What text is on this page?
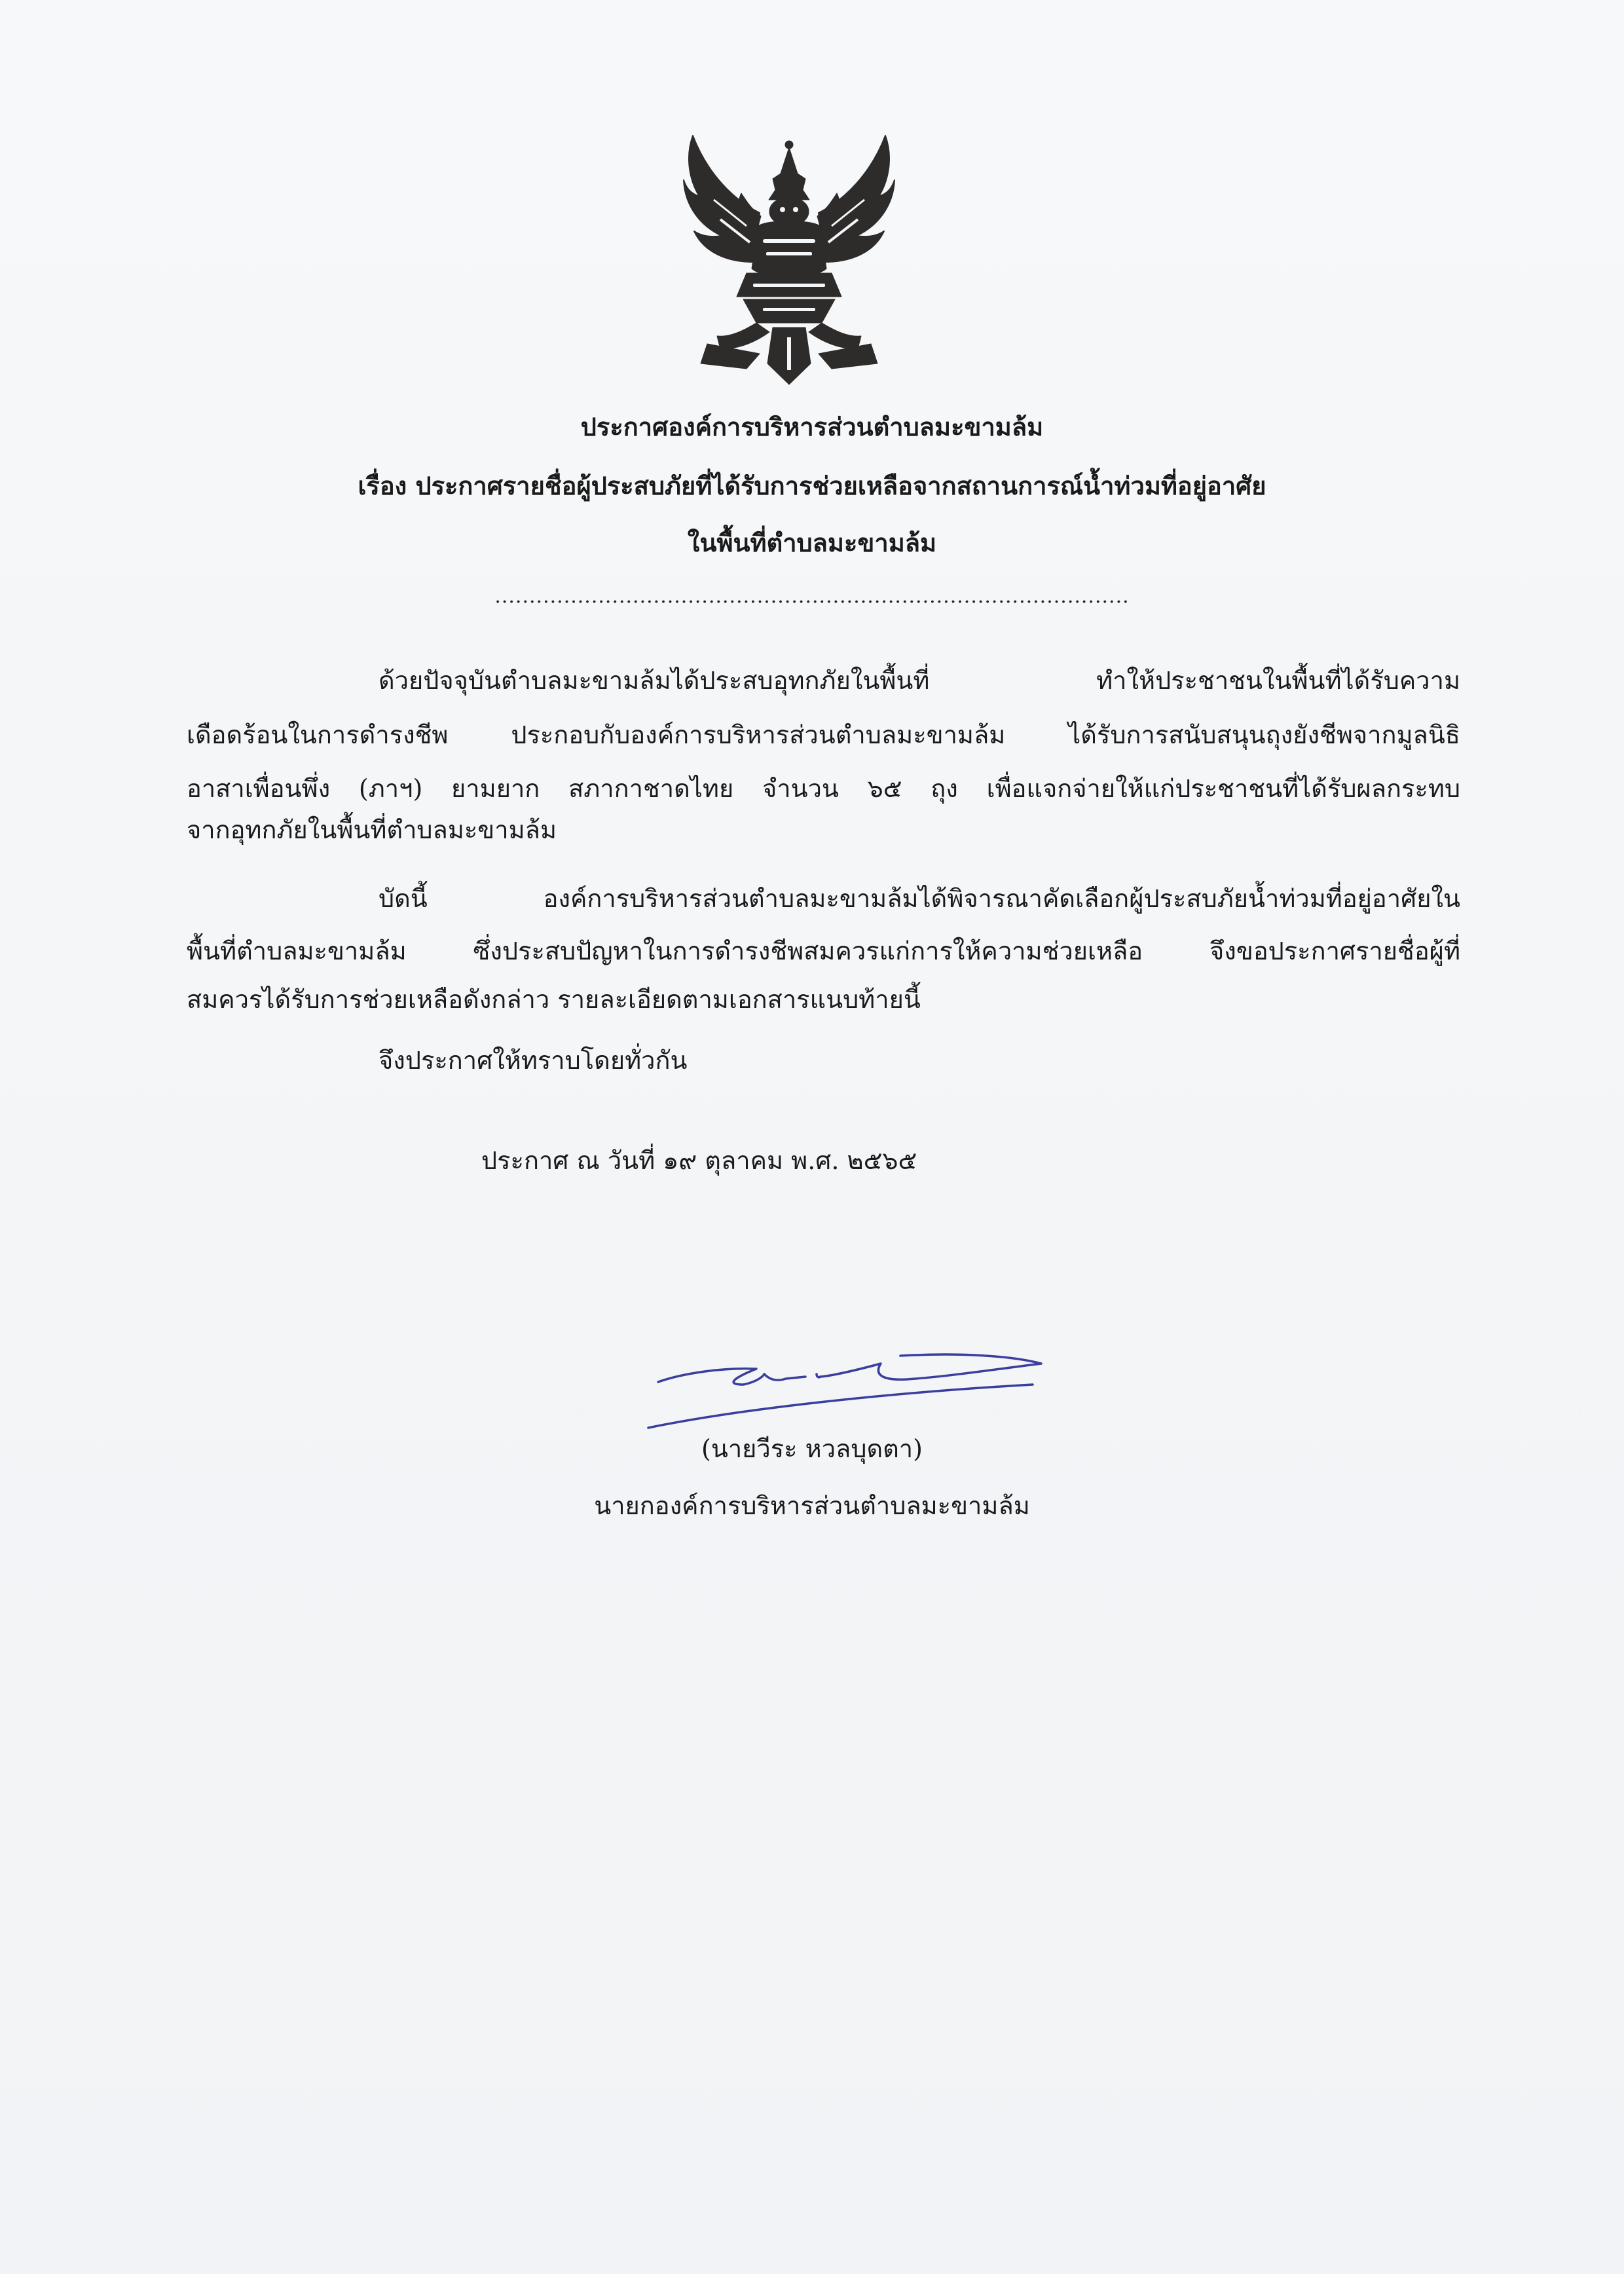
ประกาศองค์การบริหารส่วนตำบลมะขามล้ม
เรื่อง ประกาศรายชื่อผู้ประสบภัยที่ได้รับการช่วยเหลือจากสถานการณ์น้ำท่วมที่อยู่อาศัย
ในพื้นที่ตำบลมะขามล้ม
............................................................................................
ด้วยปัจจุบันตำบลมะขามล้มได้ประสบอุทกภัยในพื้นที่ ทำให้ประชาชนในพื้นที่ได้รับความ
เดือดร้อนในการดำรงชีพ ประกอบกับองค์การบริหารส่วนตำบลมะขามล้ม ได้รับการสนับสนุนถุงยังชีพจากมูลนิธิ
อาสาเพื่อนพึ่ง (ภาฯ) ยามยาก สภากาชาดไทย จำนวน ๖๕ ถุง เพื่อแจกจ่ายให้แก่ประชาชนที่ได้รับผลกระทบ
จากอุทกภัยในพื้นที่ตำบลมะขามล้ม
บัดนี้ องค์การบริหารส่วนตำบลมะขามล้มได้พิจารณาคัดเลือกผู้ประสบภัยน้ำท่วมที่อยู่อาศัยใน
พื้นที่ตำบลมะขามล้ม ซึ่งประสบปัญหาในการดำรงชีพสมควรแก่การให้ความช่วยเหลือ จึงขอประกาศรายชื่อผู้ที่
สมควรได้รับการช่วยเหลือดังกล่าว รายละเอียดตามเอกสารแนบท้ายนี้
จึงประกาศให้ทราบโดยทั่วกัน
ประกาศ ณ วันที่ ๑๙ ตุลาคม พ.ศ. ๒๕๖๕
(นายวีระ หวลบุดตา)
นายกองค์การบริหารส่วนตำบลมะขามล้ม
